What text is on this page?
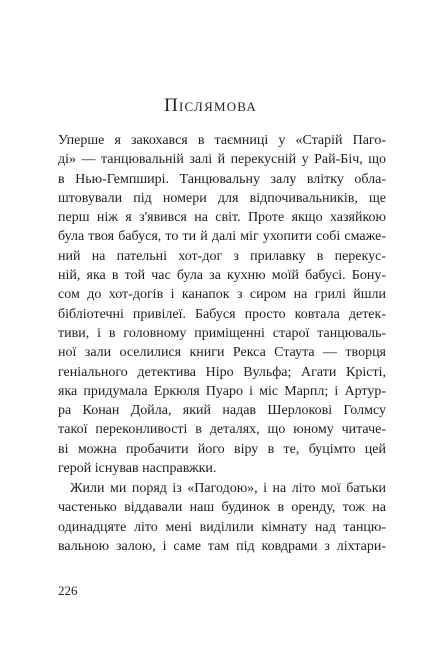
Післямова
Уперше я закохався в таємниці у «Старій Паго-
ді» — танцювальній залі й перекусній у Рай-Біч, що
в Нью-Гемпширі. Танцювальну залу влітку обла-
штовували під номери для відпочивальників, ще
перш ніж я з'явився на світ. Проте якщо хазяйкою
була твоя бабуся, то ти й далі міг ухопити собі смаже-
ний на пательні хот-дог з прилавку в перекус-
ній, яка в той час була за кухню моїй бабусі. Бону-
сом до хот-догів і канапок з сиром на грилі йшли
бібліотечні привілеї. Бабуся просто ковтала детек-
тиви, і в головному приміщенні старої танцюваль-
ної зали оселилися книги Рекса Стаута — творця
геніального детектива Ніро Вульфа; Агати Крісті,
яка придумала Еркюля Пуаро і міс Марпл; і Артур-
ра Конан Дойла, який надав Шерлокові Голмсу
такої переконливості в деталях, що юному читаче-
ві можна пробачити його віру в те, буцімто цей
герой існував насправжки.
Жили ми поряд із «Пагодою», і на літо мої батьки
частенько віддавали наш будинок в оренду, тож на
одинадцяте літо мені виділили кімнату над танцю-
вальною залою, і саме там під ковдрами з ліхтари-
226
